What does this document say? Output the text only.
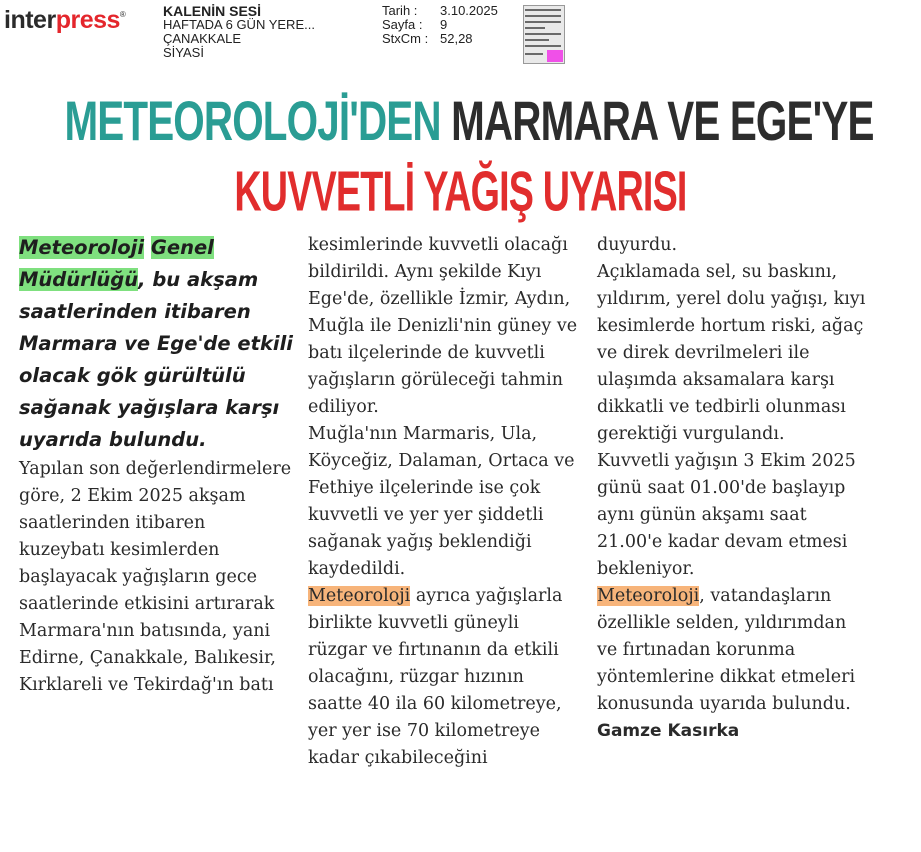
interpress®	KALENİN SESİ
HAFTADA 6 GÜN YERE...
ÇANAKKALE
SİYASİ
Tarih :	3.10.2025
Sayfa :	9
StxCm : 52,28
METEOROLOJİ'DEN MARMARA VE EGE'YE
KUVVETLİ YAĞIŞ UYARISI

Meteoroloji Genel Müdürlüğü, bu akşam saatlerinden itibaren Marmara ve Ege'de etkili olacak gök gürültülü sağanak yağışlara karşı uyarıda bulundu.

Yapılan son değerlendirmelere göre, 2 Ekim 2025 akşam saatlerinden itibaren kuzeybatı kesimlerden başlayacak yağışların gece saatlerinde etkisini artırarak Marmara'nın batısında, yani Edirne, Çanakkale, Balıkesir, Kırklareli ve Tekirdağ'ın batı

kesimlerinde kuvvetli olacağı bildirildi. Aynı şekilde Kıyı Ege'de, özellikle İzmir, Aydın, Muğla ile Denizli'nin güney ve batı ilçelerinde de kuvvetli yağışların görüleceği tahmin ediliyor.

Muğla'nın Marmaris, Ula, Köyceğiz, Dalaman, Ortaca ve Fethiye ilçelerinde ise çok kuvvetli ve yer yer şiddetli sağanak yağış beklendiği kaydedildi.

Meteoroloji ayrıca yağışlarla birlikte kuvvetli güneyli rüzgar ve fırtınanın da etkili olacağını, rüzgar hızının saatte 40 ila 60 kilometreye, yer yer ise 70 kilometreye kadar çıkabileceğini

duyurdu.

Açıklamada sel, su baskını, yıldırım, yerel dolu yağışı, kıyı kesimlerde hortum riski, ağaç ve direk devrilmeleri ile ulaşımda aksamalara karşı dikkatli ve tedbirli olunması gerektiği vurgulandı.

Kuvvetli yağışın 3 Ekim 2025 günü saat 01.00'de başlayıp aynı günün akşamı saat 21.00'e kadar devam etmesi bekleniyor.

Meteoroloji, vatandaşların özellikle selden, yıldırımdan ve fırtınadan korunma yöntemlerine dikkat etmeleri konusunda uyarıda bulundu.

Gamze Kasırka
